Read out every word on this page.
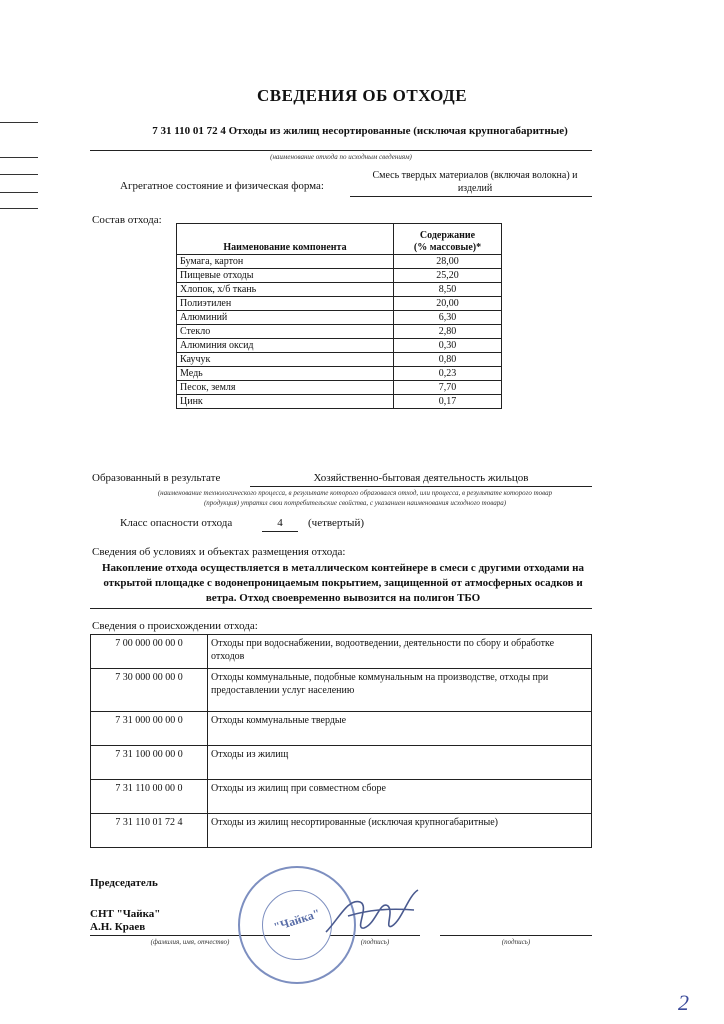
СВЕДЕНИЯ ОБ ОТХОДЕ
7 31 110 01 72 4 Отходы из жилищ несортированные (исключая крупногабаритные)
(наименование отхода по исходным сведениям)
Агрегатное состояние и физическая форма:
Смесь твердых материалов (включая волокна) и
изделий
Состав отхода:
Наименование компонента	Содержание
(% массовые)*

Бумага, картон	28,00
Пищевые отходы	25,20
Хлопок, х/б ткань	8,50
Полиэтилен	20,00
Алюминий	6,30
Стекло	2,80
Алюминия оксид	0,30
Каучук	0,80
Медь	0,23
Песок, земля	7,70
Цинк	0,17
Образованный в результате	Хозяйственно-бытовая деятельность жильцов
(наименование технологического процесса, в результате которого образовался отход, или процесса, в результате которого товар
(продукция) утратил свои потребительские свойства, с указанием наименования исходного товара)
Класс опасности отхода	4	(четвертый)
Сведения об условиях и объектах размещения отхода:
Накопление отхода осуществляется в металлическом контейнере в смеси с другими отходами на
открытой площадке с водонепроницаемым покрытием, защищенной от атмосферных осадков и
ветра. Отход своевременно вывозится на полигон ТБО
Сведения о происхождении отхода:
7 00 000 00 00 0	Отходы при водоснабжении, водоотведении, деятельности по сбору и обработке отходов
7 30 000 00 00 0	Отходы коммунальные, подобные коммунальным на производстве, отходы при предоставлении услуг населению
7 31 000 00 00 0	Отходы коммунальные твердые
7 31 100 00 00 0	Отходы из жилищ
7 31 110 00 00 0	Отходы из жилищ при совместном сборе
7 31 110 01 72 4	Отходы из жилищ несортированные (исключая крупногабаритные)
Председатель
СНТ "Чайка"
А.Н. Краев
(фамилия, имя, отчество)	(подпись)	(подпись)
"Чайка"
2
